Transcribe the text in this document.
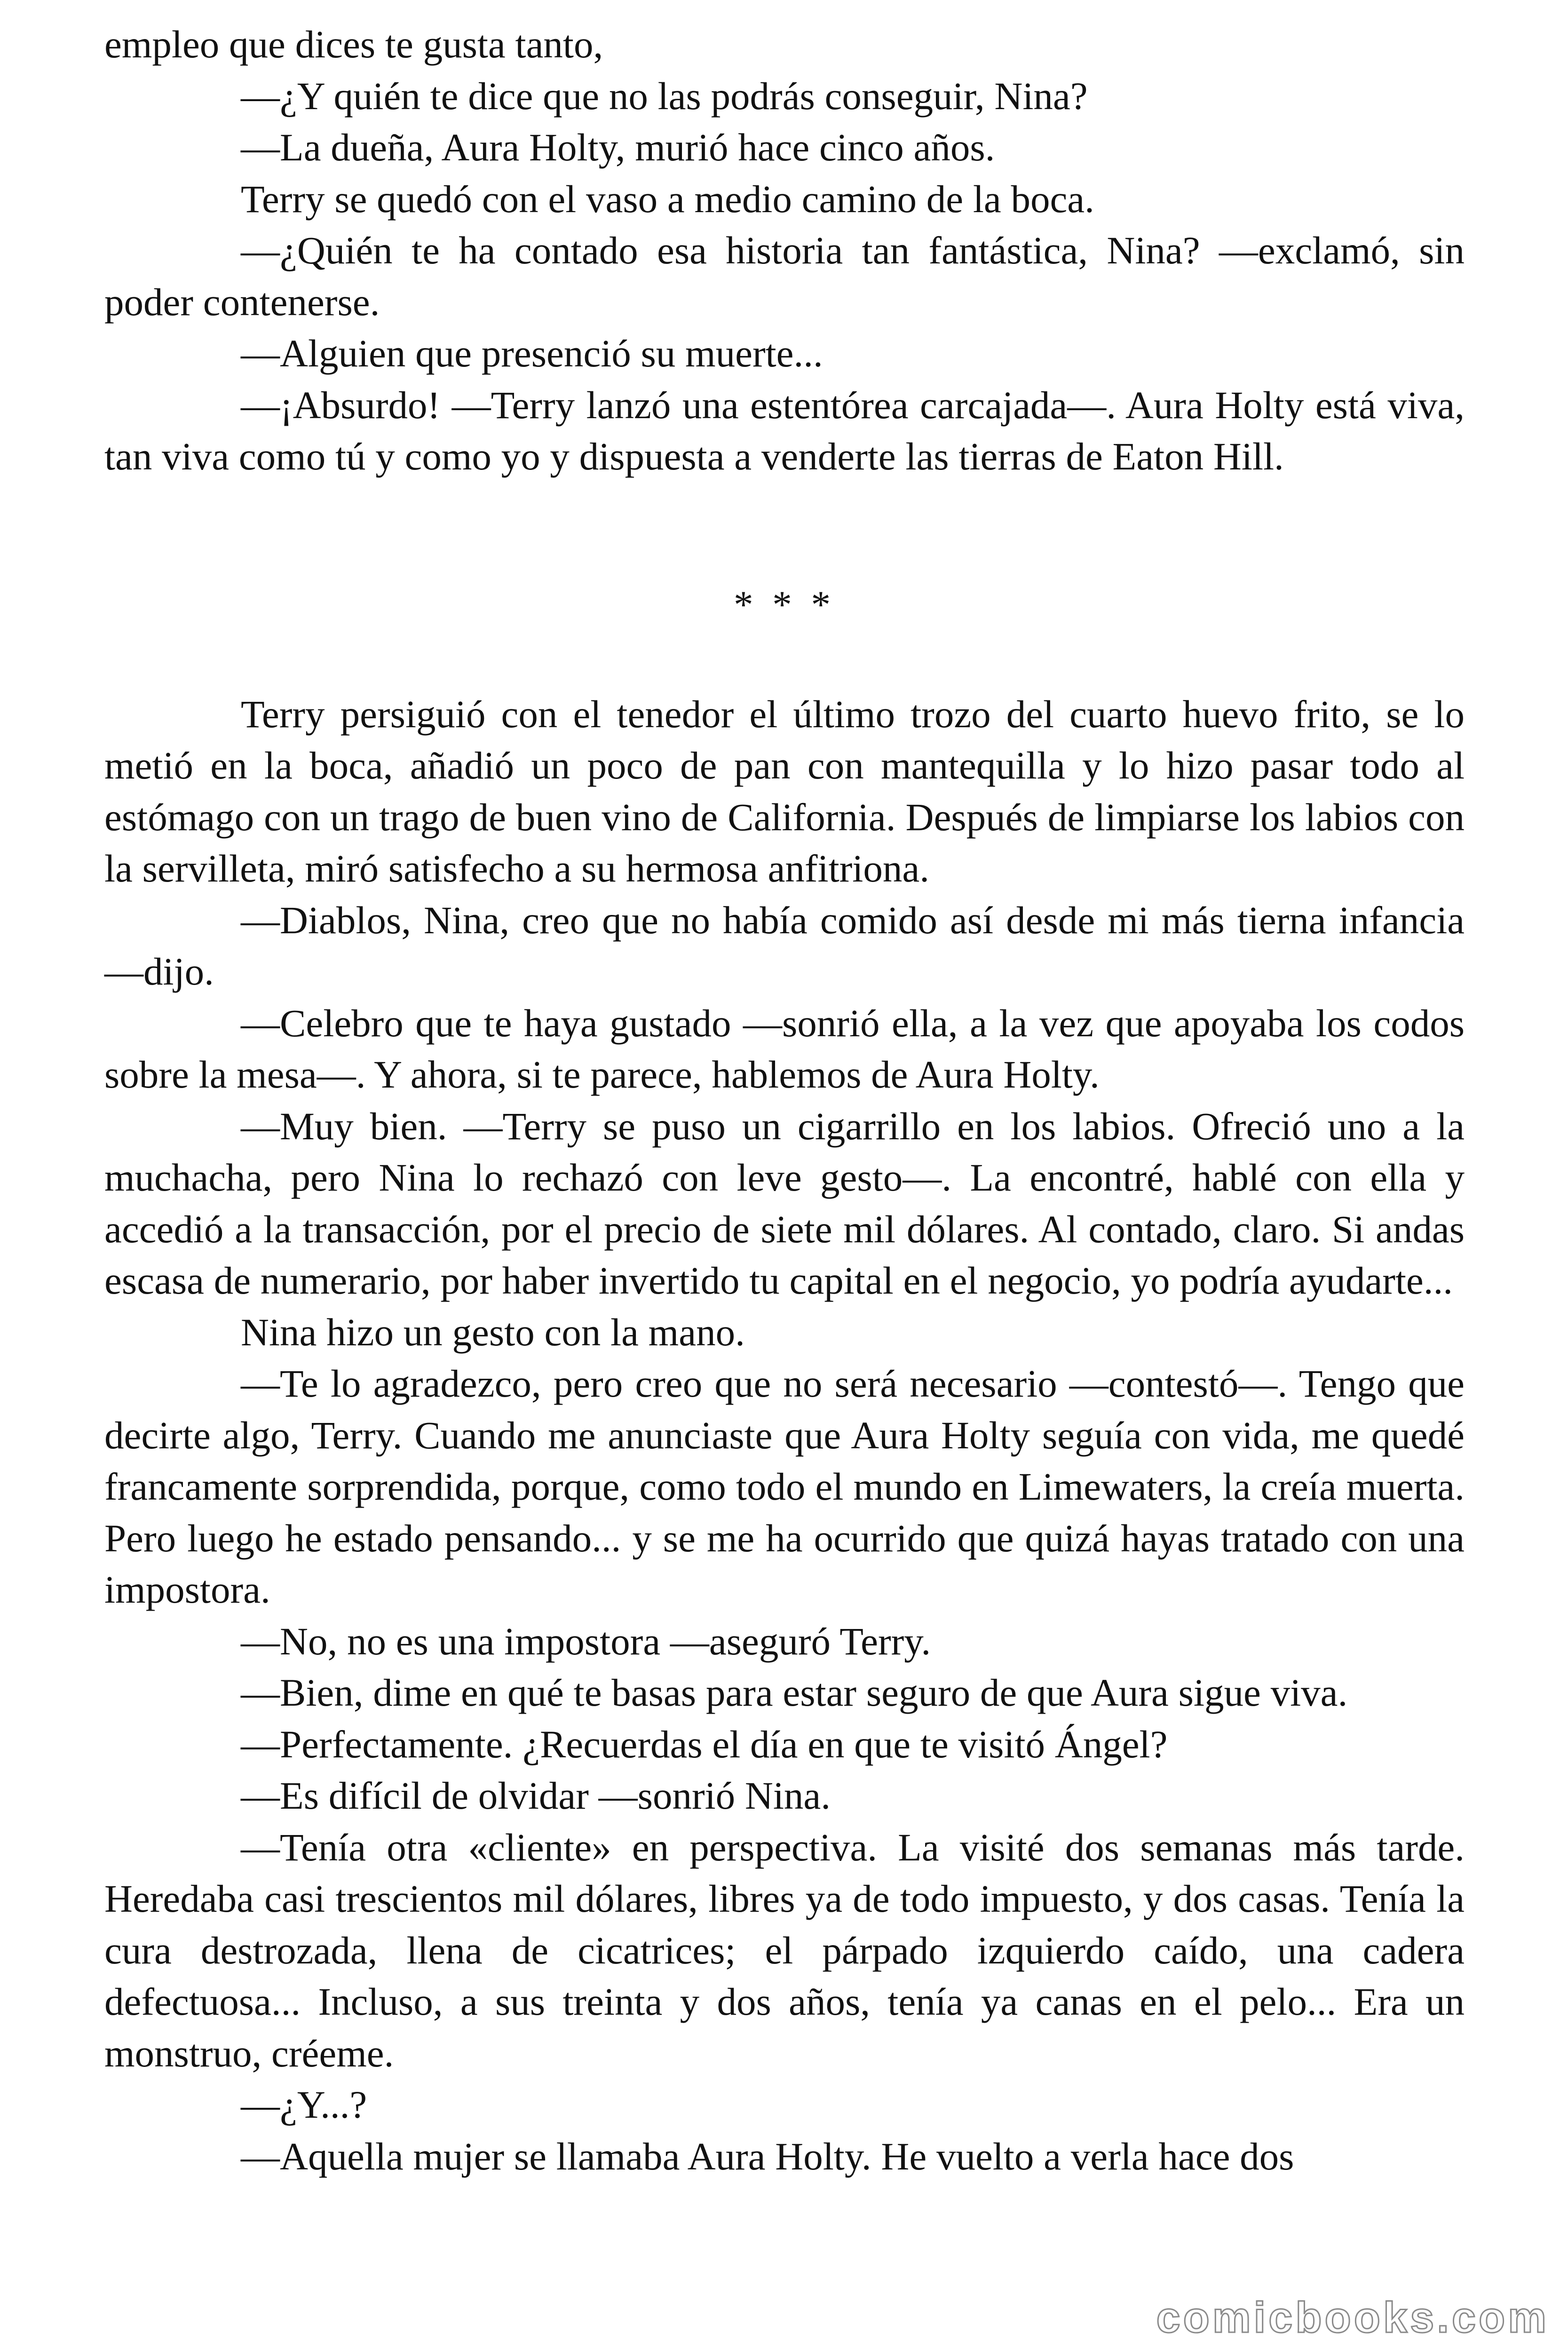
empleo que dices te gusta tanto,

—¿Y quién te dice que no las podrás conseguir, Nina?

—La dueña, Aura Holty, murió hace cinco años.

Terry se quedó con el vaso a medio camino de la boca.

—¿Quién te ha contado esa historia tan fantástica, Nina? —exclamó, sin poder contenerse.

—Alguien que presenció su muerte...

—¡Absurdo! —Terry lanzó una estentórea carcajada—. Aura Holty está viva, tan viva como tú y como yo y dispuesta a venderte las tierras de Eaton Hill.

* * *

Terry persiguió con el tenedor el último trozo del cuarto huevo frito, se lo metió en la boca, añadió un poco de pan con mantequilla y lo hizo pasar todo al estómago con un trago de buen vino de California. Después de limpiarse los labios con la servilleta, miró satisfecho a su hermosa anfitriona.

—Diablos, Nina, creo que no había comido así desde mi más tierna infancia —dijo.

—Celebro que te haya gustado —sonrió ella, a la vez que apoyaba los codos sobre la mesa—. Y ahora, si te parece, hablemos de Aura Holty.

—Muy bien. —Terry se puso un cigarrillo en los labios. Ofreció uno a la muchacha, pero Nina lo rechazó con leve gesto—. La encontré, hablé con ella y accedió a la transacción, por el precio de siete mil dólares. Al contado, claro. Si andas escasa de numerario, por haber invertido tu capital en el negocio, yo podría ayudarte...

Nina hizo un gesto con la mano.

—Te lo agradezco, pero creo que no será necesario —contestó—. Tengo que decirte algo, Terry. Cuando me anunciaste que Aura Holty seguía con vida, me quedé francamente sorprendida, porque, como todo el mundo en Limewaters, la creía muerta. Pero luego he estado pensando... y se me ha ocurrido que quizá hayas tratado con una impostora.

—No, no es una impostora —aseguró Terry.

—Bien, dime en qué te basas para estar seguro de que Aura sigue viva.

—Perfectamente. ¿Recuerdas el día en que te visitó Ángel?

—Es difícil de olvidar —sonrió Nina.

—Tenía otra «cliente» en perspectiva. La visité dos semanas más tarde. Heredaba casi trescientos mil dólares, libres ya de todo impuesto, y dos casas. Tenía la cura destrozada, llena de cicatrices; el párpado izquierdo caído, una cadera defectuosa... Incluso, a sus treinta y dos años, tenía ya canas en el pelo... Era un monstruo, créeme.

—¿Y...?

—Aquella mujer se llamaba Aura Holty. He vuelto a verla hace dos

comicbooks.com
